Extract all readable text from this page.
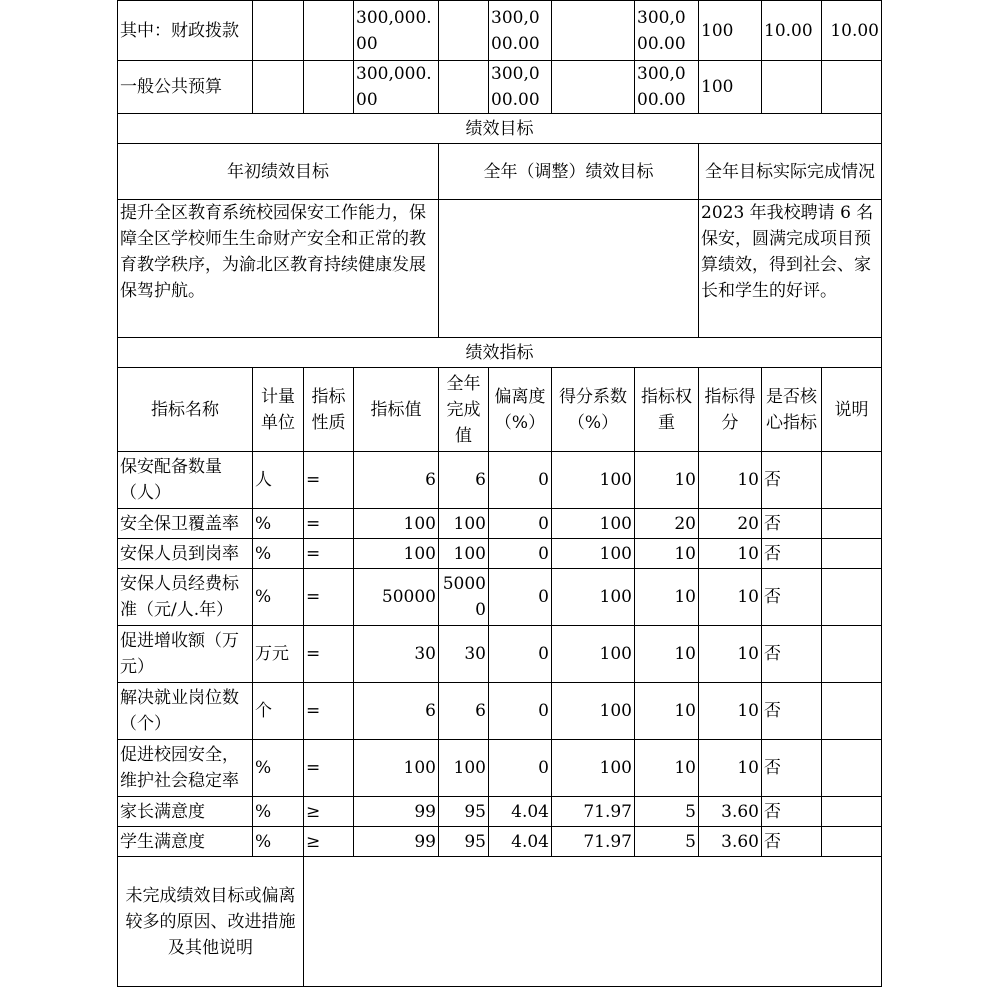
其中：财政拨款			300,000.00		300,000.00		300,000.00	100	10.00	10.00
一般公共预算			300,000.00		300,000.00		300,000.00	100		
绩效目标										
年初绩效目标				全年（调整）绩效目标				全年目标实际完成情况		
提升全区教育系统校园保安工作能力，保障全区学校师生生命财产安全和正常的教育教学秩序，为渝北区教育持续健康发展保驾护航。								2023 年我校聘请 6 名保安，圆满完成项目预算绩效，得到社会、家长和学生的好评。		
绩效指标										
指标名称	计量单位	指标性质	指标值	全年完成值	偏离度（%）	得分系数（%）	指标权重	指标得分	是否核心指标	说明
保安配备数量（人）	人	=	6	6	0	100	10	10	否	
安全保卫覆盖率	%	=	100	100	0	100	20	20	否	
安保人员到岗率	%	=	100	100	0	100	10	10	否	
安保人员经费标准（元/人.年）	%	=	50000	50000	0	100	10	10	否	
促进增收额（万元）	万元	=	30	30	0	100	10	10	否	
解决就业岗位数（个）	个	=	6	6	0	100	10	10	否	
促进校园安全，维护社会稳定率	%	=	100	100	0	100	10	10	否	
家长满意度	%	≥	99	95	4.04	71.97	5	3.60	否	
学生满意度	%	≥	99	95	4.04	71.97	5	3.60	否	
未完成绩效目标或偏离较多的原因、改进措施及其他说明										
